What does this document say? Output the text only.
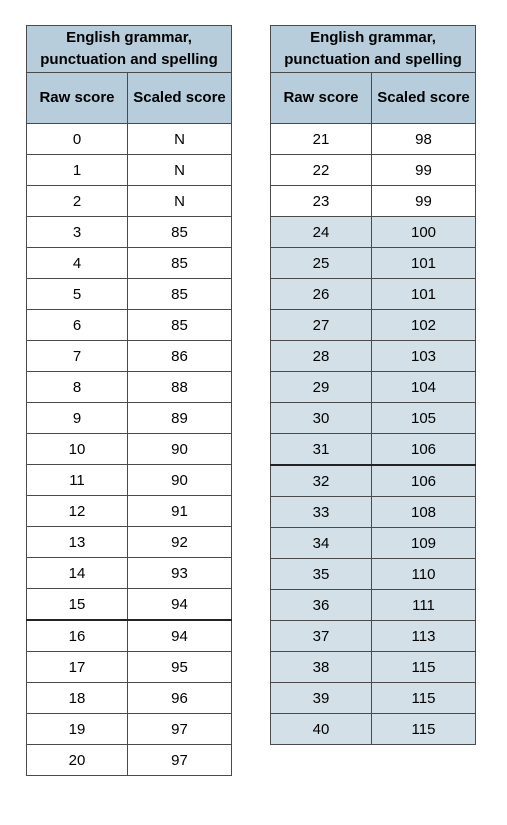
English grammar, punctuation and spelling	
Raw score	Scaled score
0	N
1	N
2	N
3	85
4	85
5	85
6	85
7	86
8	88
9	89
10	90
11	90
12	91
13	92
14	93
15	94
16	94
17	95
18	96
19	97
20	97
English grammar, punctuation and spelling	
Raw score	Scaled score
21	98
22	99
23	99
24	100
25	101
26	101
27	102
28	103
29	104
30	105
31	106
32	106
33	108
34	109
35	110
36	111
37	113
38	115
39	115
40	115
